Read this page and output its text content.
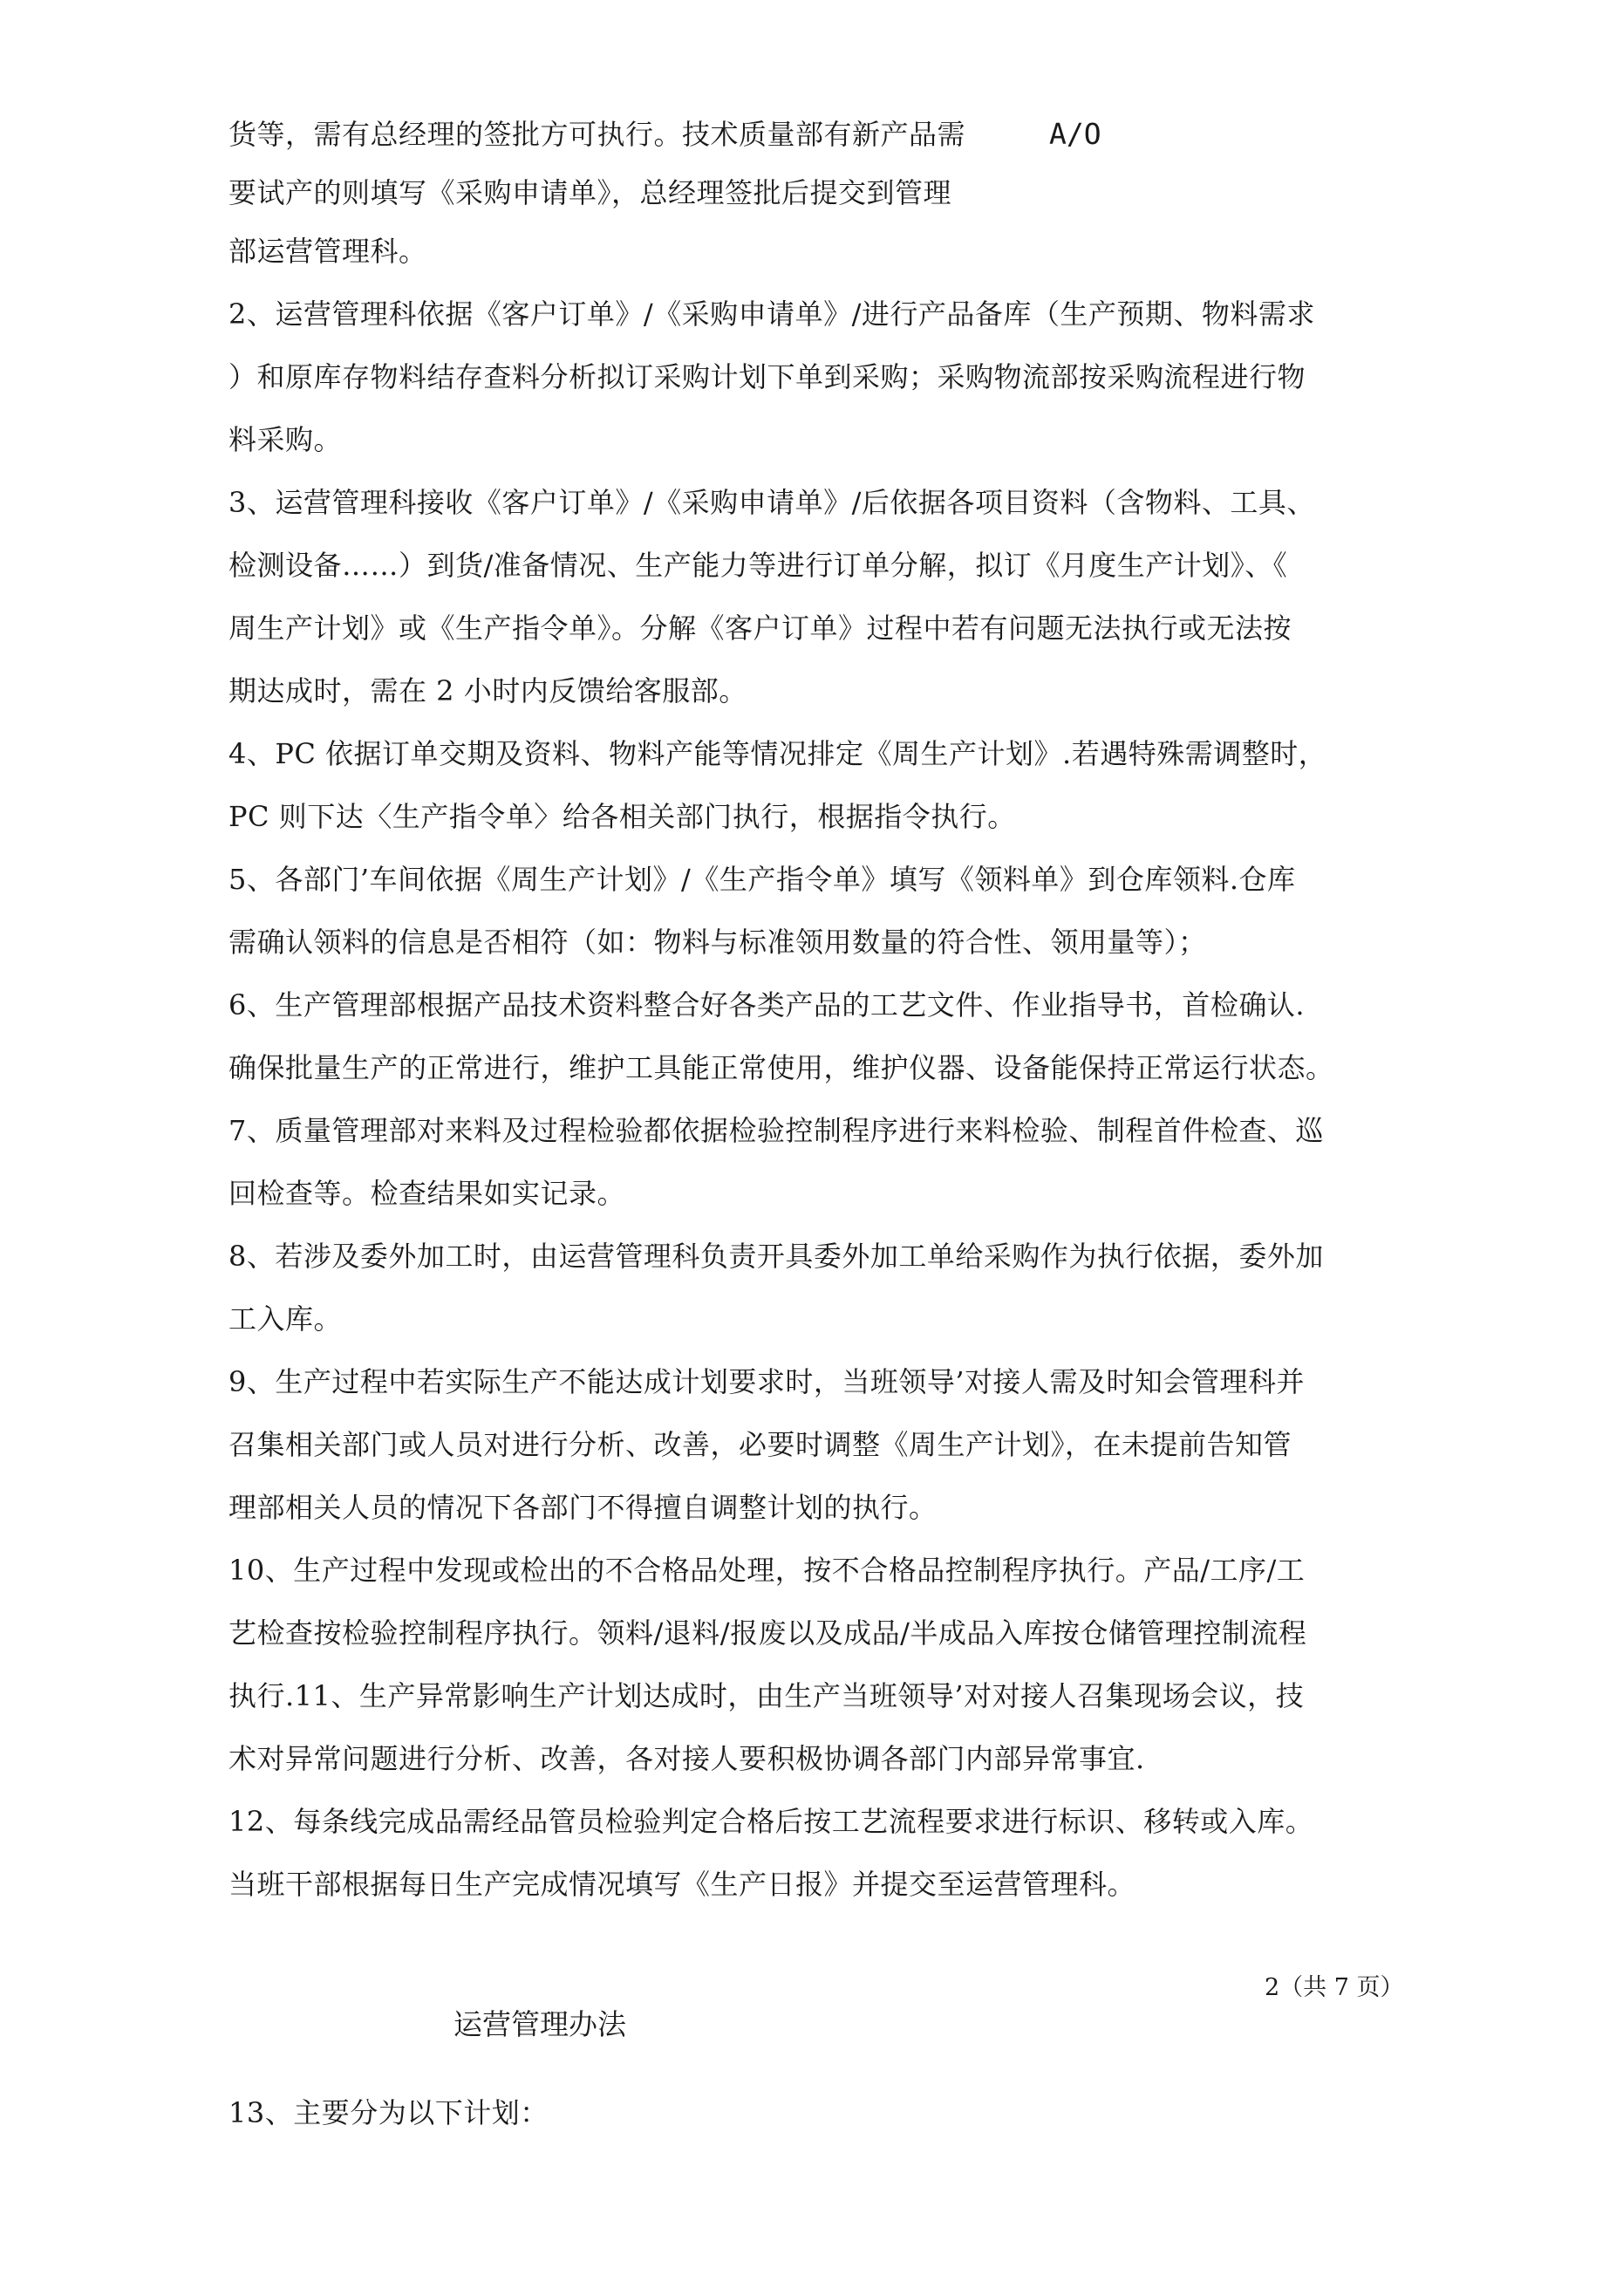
货等，需有总经理的签批方可执行。技术质量部有新产品需	A/O
要试产的则填写《采购申请单》，总经理签批后提交到管理
部运营管理科。
2、运营管理科依据《客户订单》/《采购申请单》/进行产品备库（生产预期、物料需求
）和原库存物料结存查料分析拟订采购计划下单到采购；采购物流部按采购流程进行物
料采购。
3、运营管理科接收《客户订单》/《采购申请单》/后依据各项目资料（含物料、工具、
检测设备……）到货/准备情况、生产能力等进行订单分解，拟订《月度生产计划》、《
周生产计划》或《生产指令单》。分解《客户订单》过程中若有问题无法执行或无法按
期达成时，需在 2 小时内反馈给客服部。
4、PC 依据订单交期及资料、物料产能等情况排定《周生产计划》.若遇特殊需调整时，
PC 则下达〈生产指令单〉给各相关部门执行，根据指令执行。
5、各部门’车间依据《周生产计划》/《生产指令单》填写《领料单》到仓库领料.仓库
需确认领料的信息是否相符（如：物料与标准领用数量的符合性、领用量等）；
6、生产管理部根据产品技术资料整合好各类产品的工艺文件、作业指导书，首检确认.
确保批量生产的正常进行，维护工具能正常使用，维护仪器、设备能保持正常运行状态。
7、质量管理部对来料及过程检验都依据检验控制程序进行来料检验、制程首件检查、巡
回检查等。检查结果如实记录。
8、若涉及委外加工时，由运营管理科负责开具委外加工单给采购作为执行依据，委外加
工入库。
9、生产过程中若实际生产不能达成计划要求时，当班领导’对接人需及时知会管理科并
召集相关部门或人员对进行分析、改善，必要时调整《周生产计划》，在未提前告知管
理部相关人员的情况下各部门不得擅自调整计划的执行。
10、生产过程中发现或检出的不合格品处理，按不合格品控制程序执行。产品/工序/工
艺检查按检验控制程序执行。领料/退料/报废以及成品/半成品入库按仓储管理控制流程
执行.11、生产异常影响生产计划达成时，由生产当班领导’对对接人召集现场会议，技
术对异常问题进行分析、改善，各对接人要积极协调各部门内部异常事宜.
12、每条线完成品需经品管员检验判定合格后按工艺流程要求进行标识、移转或入库。
当班干部根据每日生产完成情况填写《生产日报》并提交至运营管理科。
2（共 7 页）
运营管理办法
13、主要分为以下计划：
